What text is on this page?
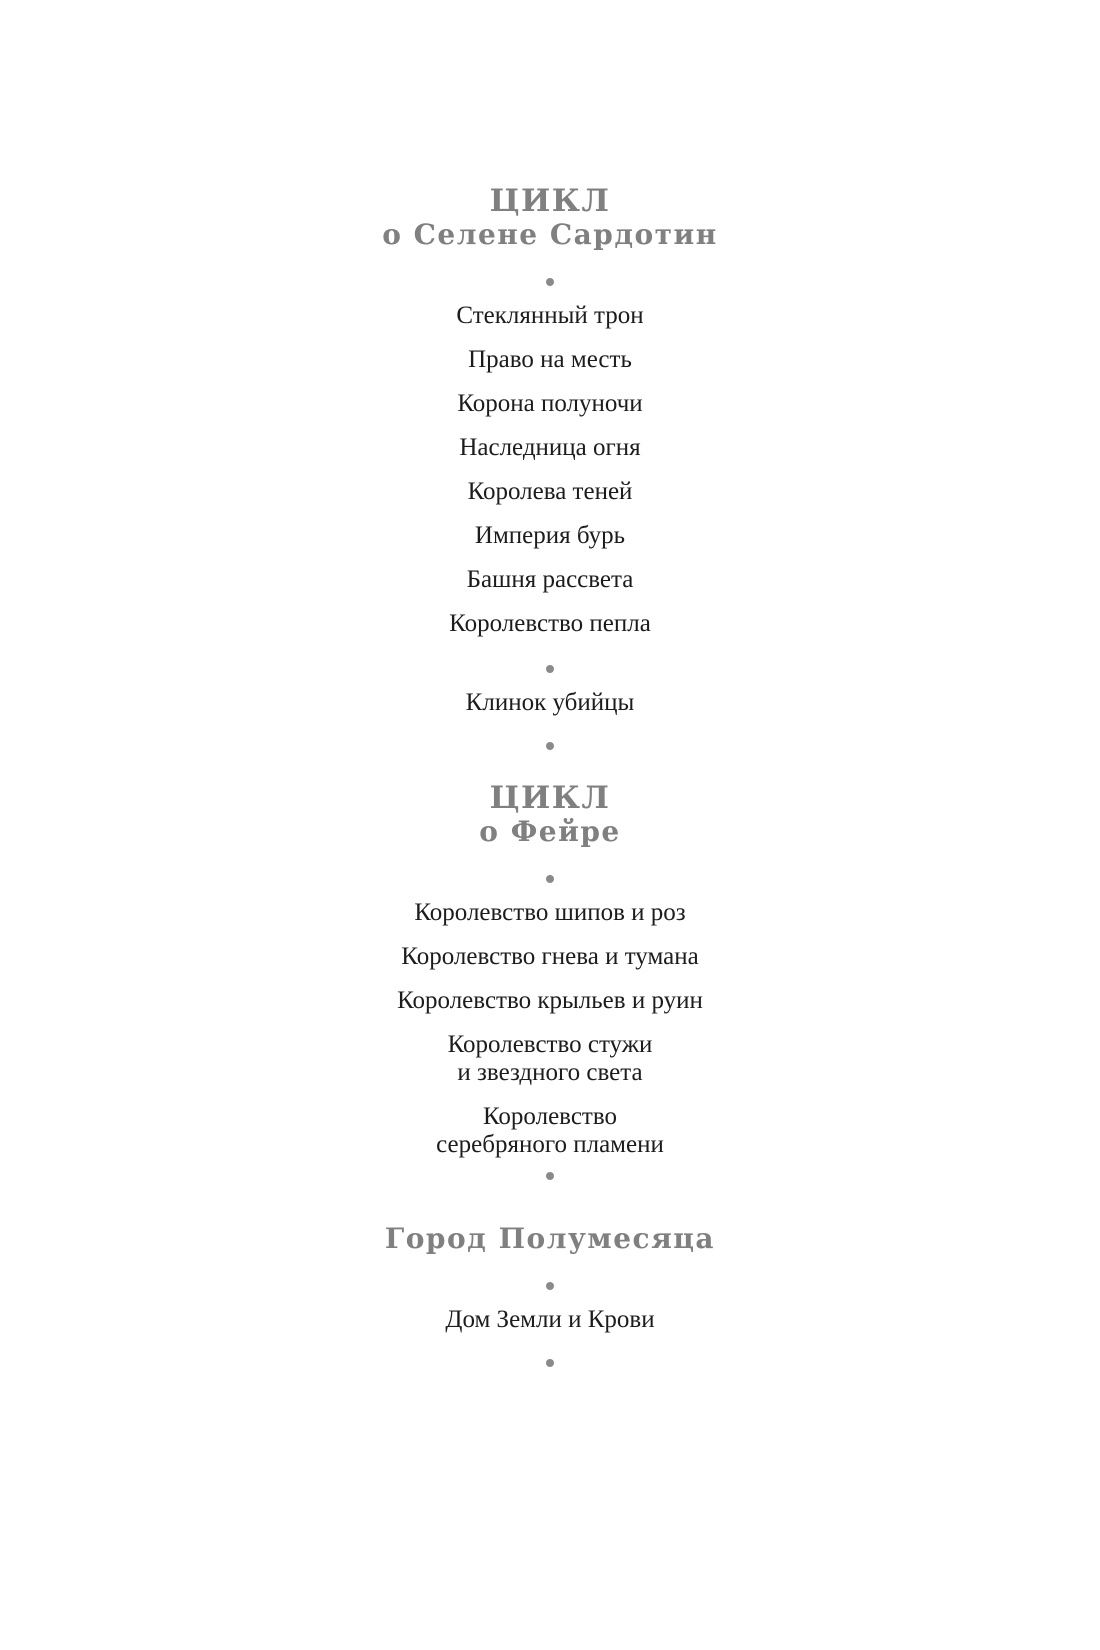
ЦИКЛ
о Селене Сардотин
Стеклянный трон
Право на месть
Корона полуночи
Наследница огня
Королева теней
Империя бурь
Башня рассвета
Королевство пепла
Клинок убийцы
ЦИКЛ
о Фейре
Королевство шипов и роз
Королевство гнева и тумана
Королевство крыльев и руин
Королевство стужи
и звездного света
Королевство
серебряного пламени
Город Полумесяца
Дом Земли и Крови
